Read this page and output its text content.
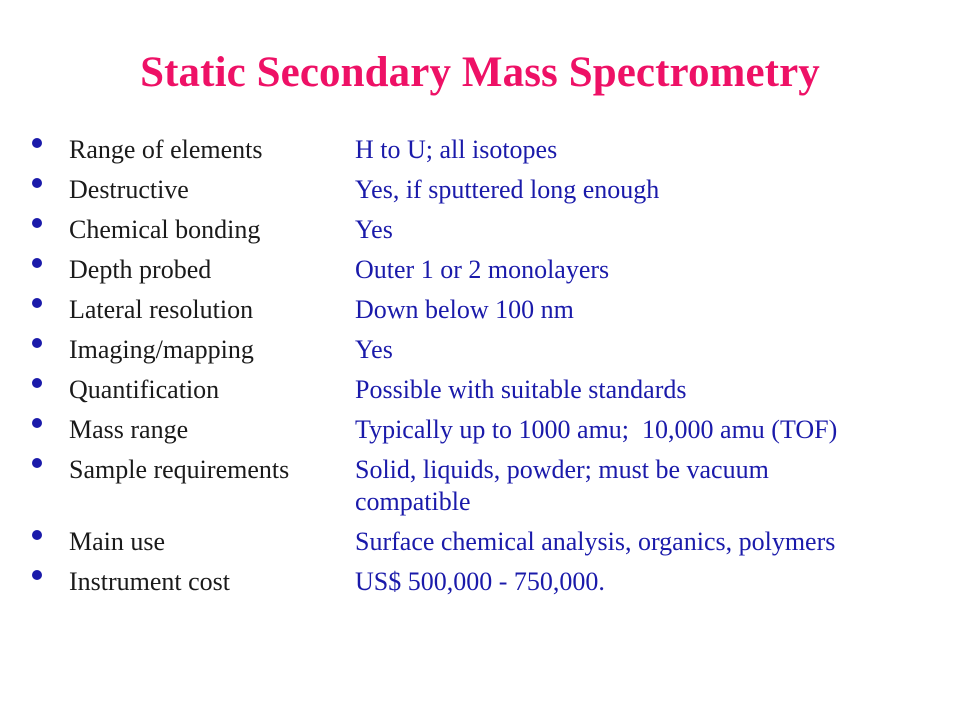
Static Secondary Mass Spectrometry
Range of elements	H to U; all isotopes
Destructive	Yes, if sputtered long enough
Chemical bonding	Yes
Depth probed	Outer 1 or 2 monolayers
Lateral resolution	Down below 100 nm
Imaging/mapping	Yes
Quantification	Possible with suitable standards
Mass range	Typically up to 1000 amu;  10,000 amu (TOF)
Sample requirements	Solid, liquids, powder; must be vacuum
compatible
Main use	Surface chemical analysis, organics, polymers
Instrument cost	US$ 500,000 - 750,000.
